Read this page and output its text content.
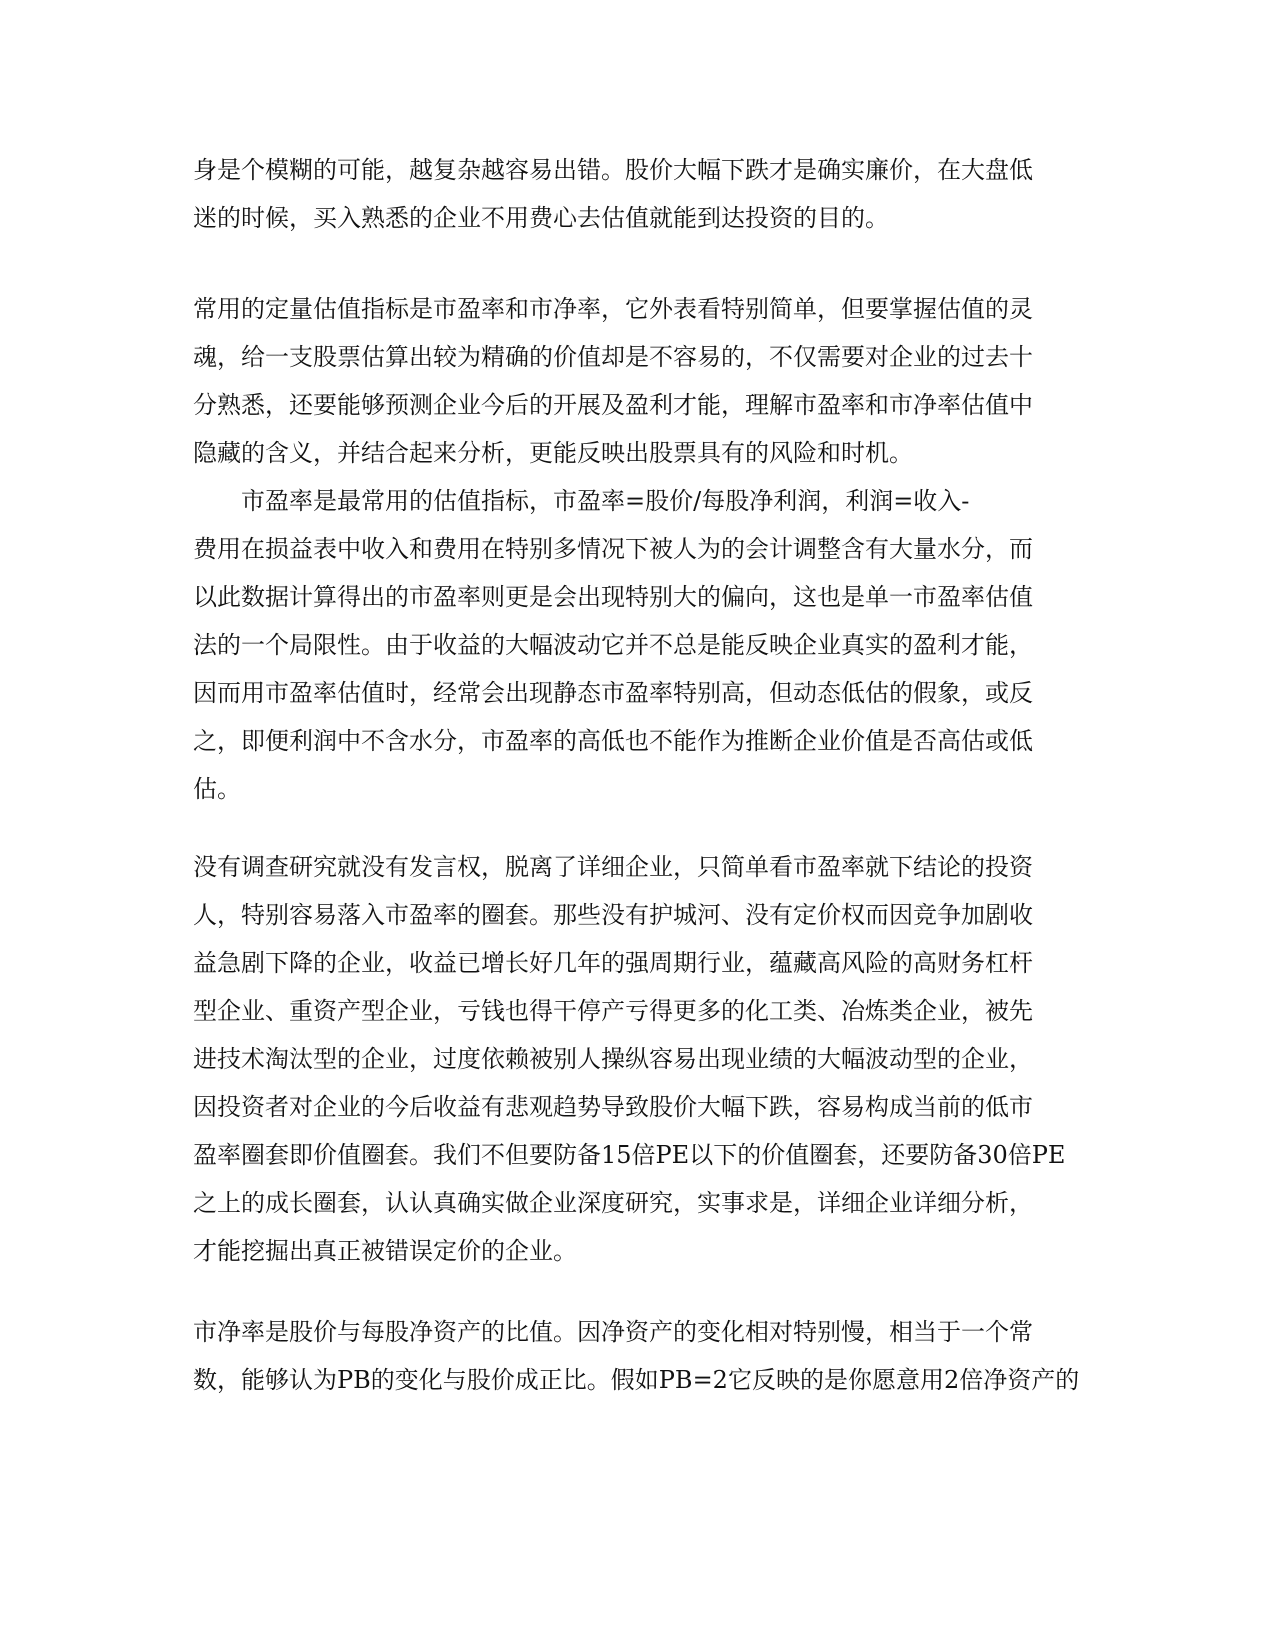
身是个模糊的可能，越复杂越容易出错。股价大幅下跌才是确实廉价，在大盘低
迷的时候，买入熟悉的企业不用费心去估值就能到达投资的目的。
常用的定量估值指标是市盈率和市净率，它外表看特别简单，但要掌握估值的灵
魂，给一支股票估算出较为精确的价值却是不容易的，不仅需要对企业的过去十
分熟悉，还要能够预测企业今后的开展及盈利才能，理解市盈率和市净率估值中
隐藏的含义，并结合起来分析，更能反映出股票具有的风险和时机。
市盈率是最常用的估值指标，市盈率=股价/每股净利润，利润=收入-
费用在损益表中收入和费用在特别多情况下被人为的会计调整含有大量水分，而
以此数据计算得出的市盈率则更是会出现特别大的偏向，这也是单一市盈率估值
法的一个局限性。由于收益的大幅波动它并不总是能反映企业真实的盈利才能，
因而用市盈率估值时，经常会出现静态市盈率特别高，但动态低估的假象，或反
之，即便利润中不含水分，市盈率的高低也不能作为推断企业价值是否高估或低
估。
没有调查研究就没有发言权，脱离了详细企业，只简单看市盈率就下结论的投资
人，特别容易落入市盈率的圈套。那些没有护城河、没有定价权而因竞争加剧收
益急剧下降的企业，收益已增长好几年的强周期行业，蕴藏高风险的高财务杠杆
型企业、重资产型企业，亏钱也得干停产亏得更多的化工类、冶炼类企业，被先
进技术淘汰型的企业，过度依赖被别人操纵容易出现业绩的大幅波动型的企业，
因投资者对企业的今后收益有悲观趋势导致股价大幅下跌，容易构成当前的低市
盈率圈套即价值圈套。我们不但要防备15倍PE以下的价值圈套，还要防备30倍PE
之上的成长圈套，认认真确实做企业深度研究，实事求是，详细企业详细分析，
才能挖掘出真正被错误定价的企业。
市净率是股价与每股净资产的比值。因净资产的变化相对特别慢，相当于一个常
数，能够认为PB的变化与股价成正比。假如PB=2它反映的是你愿意用2倍净资产的
